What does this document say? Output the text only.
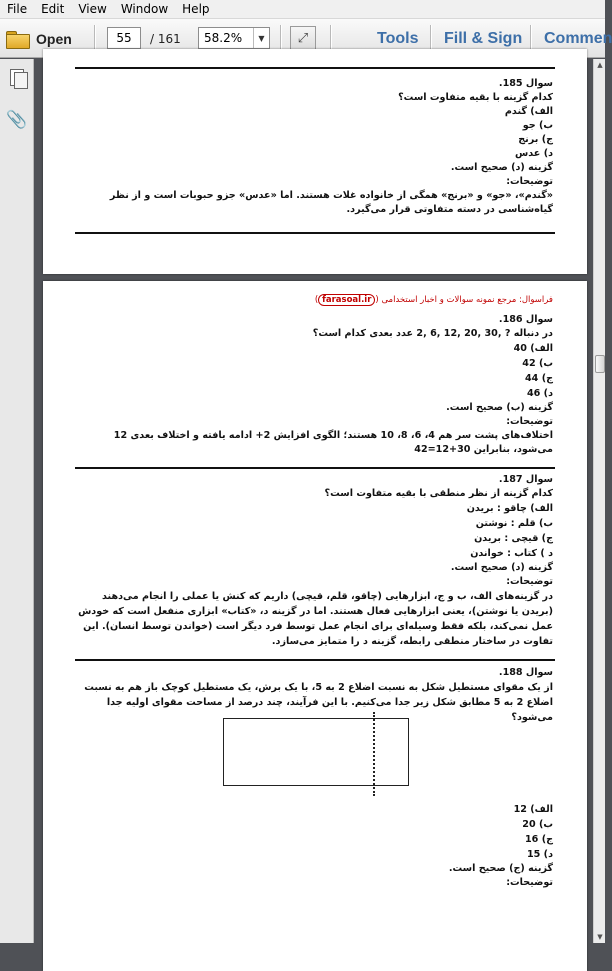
File	Edit	View	Window	Help
Open	55	/ 161	58.2%	▼	⤢	Tools Fill & Sign Commen
📎
سوال 185.
کدام گزینه با بقیه متفاوت است؟
الف) گندم
ب) جو
ج) برنج
د) عدس
گزینه (د) صحیح است.
توضیحات:
«گندم»، «جو» و «برنج» همگی از خانواده غلات هستند. اما «عدس» جزو حبوبات است و از نظر گیاه‌شناسی در دسته متفاوتی قرار می‌گیرد.
فراسوال: مرجع نمونه سوالات و اخبار استخدامی (farasoal.ir)
سوال 186.
در دنباله ? ,30 ,20 ,12 ,6 ,2 عدد بعدی کدام است؟
الف) 40
ب) 42
ج) 44
د) 46
گزینه (ب) صحیح است.
توضیحات:
اختلاف‌های پشت سر هم 4، 6، 8، 10 هستند؛ الگوی افزایش 2+ ادامه یافته و اختلاف بعدی 12 می‌شود، بنابراین 30+12=42
سوال 187.
کدام گزینه از نظر منطقی با بقیه متفاوت است؟
الف) چاقو : بریدن
ب) قلم : نوشتن
ج) قیچی : بریدن
د ) کتاب : خواندن
گزینه (د) صحیح است.
توضیحات:
در گزینه‌های الف، ب و ج، ابزارهایی (چاقو، قلم، قیچی) داریم که کنش یا عملی را انجام می‌دهند (بریدن یا نوشتن)، یعنی ابزارهایی فعال هستند. اما در گزینه د، «کتاب» ابزاری منفعل است که خودش عمل نمی‌کند، بلکه فقط وسیله‌ای برای انجام عمل توسط فرد دیگر است (خواندن توسط انسان). این تفاوت در ساختار منطقی رابطه، گزینه د را متمایز می‌سازد.
سوال 188.
از یک مقوای مستطیل شکل به نسبت اضلاع 2 به 5، با یک برش، یک مستطیل کوچک باز هم به نسبت اضلاع 2 به 5 مطابق شکل زیر جدا می‌کنیم. با این فرآیند، چند درصد از مساحت مقوای اولیه جدا می‌شود؟
الف) 12
ب) 20
ج) 16
د) 15
گزینه (ج) صحیح است.
توضیحات:
▲
▼
